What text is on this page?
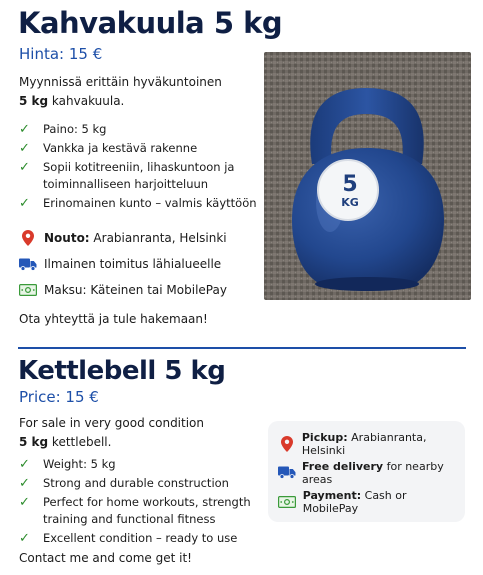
Kahvakuula 5 kg
Hinta: 15 €
Myynnissä erittäin hyväkuntoinen
5 kg kahvakuula.
✓ Paino: 5 kg
✓ Vankka ja kestävä rakenne
✓ Sopii kotitreeniin, lihaskuntoon ja toiminnalliseen harjoitteluun
✓ Erinomainen kunto – valmis käyttöön
Nouto: Arabianranta, Helsinki
Ilmainen toimitus lähialueelle
Maksu: Käteinen tai MobilePay
Ota yhteyttä ja tule hakemaan!
5
KG
Kettlebell 5 kg
Price: 15 €
For sale in very good condition
5 kg kettlebell.
✓ Weight: 5 kg
✓ Strong and durable construction
✓ Perfect for home workouts, strength training and functional fitness
✓ Excellent condition – ready to use
Pickup: Arabianranta, Helsinki
Free delivery for nearby areas
Payment: Cash or MobilePay
Contact me and come get it!
